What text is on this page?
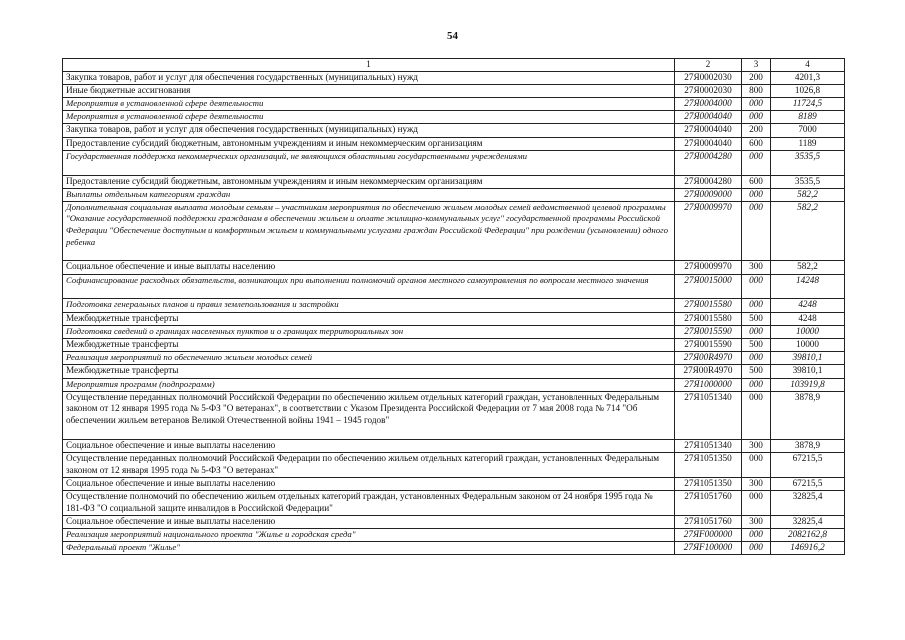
54
1	2	3	4
Закупка товаров, работ и услуг для обеспечения государственных (муниципальных) нужд	27Я0002030	200	4201,3
Иные бюджетные ассигнования	27Я0002030	800	1026,8
Мероприятия в установленной сфере деятельности	27Я0004000	000	11724,5
Мероприятия в установленной сфере деятельности	27Я0004040	000	8189
Закупка товаров, работ и услуг для обеспечения государственных (муниципальных) нужд	27Я0004040	200	7000
Предоставление субсидий бюджетным, автономным учреждениям и иным некоммерческим организациям	27Я0004040	600	1189
Государственная поддержка некоммерческих организаций, не являющихся областными государственными учреждениями	27Я0004280	000	3535,5
Предоставление субсидий бюджетным, автономным учреждениям и иным некоммерческим организациям	27Я0004280	600	3535,5
Выплаты отдельным категориям граждан	27Я0009000	000	582,2
Дополнительная социальная выплата молодым семьям – участникам мероприятия по обеспечению жильем молодых семей ведомственной целевой программы "Оказание государственной поддержки гражданам в обеспечении жильем и оплате жилищно-коммунальных услуг" государственной программы Российской Федерации "Обеспечение доступным и комфортным жильем и коммунальными услугами граждан Российской Федерации" при рождении (усыновлении) одного ребенка	27Я0009970	000	582,2
Социальное обеспечение и иные выплаты населению	27Я0009970	300	582,2
Софинансирование расходных обязательств, возникающих при выполнении полномочий органов местного самоуправления по вопросам местного значения	27Я0015000	000	14248
Подготовка генеральных планов и правил землепользования и застройки	27Я0015580	000	4248
Межбюджетные трансферты	27Я0015580	500	4248
Подготовка сведений о границах населенных пунктов и о границах территориальных зон	27Я0015590	000	10000
Межбюджетные трансферты	27Я0015590	500	10000
Реализация мероприятий по обеспечению жильем молодых семей	27Я00R4970	000	39810,1
Межбюджетные трансферты	27Я00R4970	500	39810,1
Мероприятия программ (подпрограмм)	27Я1000000	000	103919,8
Осуществление переданных полномочий Российской Федерации по обеспечению жильем отдельных категорий граждан, установленных Федеральным законом от 12 января 1995 года № 5-ФЗ "О ветеранах", в соответствии с Указом Президента Российской Федерации от 7 мая 2008 года № 714 "Об обеспечении жильем ветеранов Великой Отечественной войны 1941 – 1945 годов"	27Я1051340	000	3878,9
Социальное обеспечение и иные выплаты населению	27Я1051340	300	3878,9
Осуществление переданных полномочий Российской Федерации по обеспечению жильем отдельных категорий граждан, установленных Федеральным законом от 12 января 1995 года № 5-ФЗ "О ветеранах"	27Я1051350	000	67215,5
Социальное обеспечение и иные выплаты населению	27Я1051350	300	67215,5
Осуществление полномочий по обеспечению жильем отдельных категорий граждан, установленных Федеральным законом от 24 ноября 1995 года № 181-ФЗ "О социальной защите инвалидов в Российской Федерации"	27Я1051760	000	32825,4
Социальное обеспечение и иные выплаты населению	27Я1051760	300	32825,4
Реализация мероприятий национального проекта "Жилье и городская среда"	27ЯF000000	000	2082162,8
Федеральный проект "Жилье"	27ЯF100000	000	146916,2
